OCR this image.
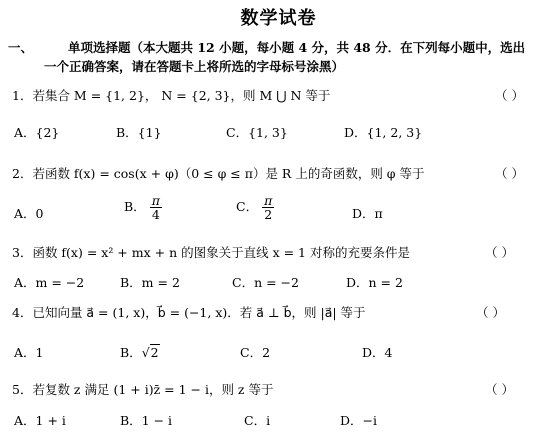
数学试卷
一、	单项选择题（本大题共 12 小题，每小题 4 分，共 48 分．在下列每小题中，选出
一个正确答案，请在答题卡上将所选的字母标号涂黑）
1．若集合 M = {1, 2}， N = {2, 3}，则 M ⋃ N 等于	（ ）
A．{2}	B．{1}	C．{1, 3}	D．{1, 2, 3}
2．若函数 f(x) = cos(x + φ)（0 ≤ φ ≤ π）是 R 上的奇函数，则 φ 等于	（ ）
A．0	B． $\frac{\pi}{4}$	C． $\frac{\pi}{2}$	D．π
3．函数 f(x) = x² + mx + n 的图象关于直线 x = 1 对称的充要条件是	（ ）
A．m = −2	B．m = 2	C．n = −2	D．n = 2
4．已知向量 a⃗ = (1, x)，b⃗ = (−1, x)．若 a⃗ ⊥ b⃗，则 |a⃗| 等于	（ ）
A．1	B．√2	C．2	D．4
5．若复数 z 满足 (1 + i)z̄ = 1 − i，则 z 等于	（ ）
A．1 + i	B．1 − i	C．i	D．−i
